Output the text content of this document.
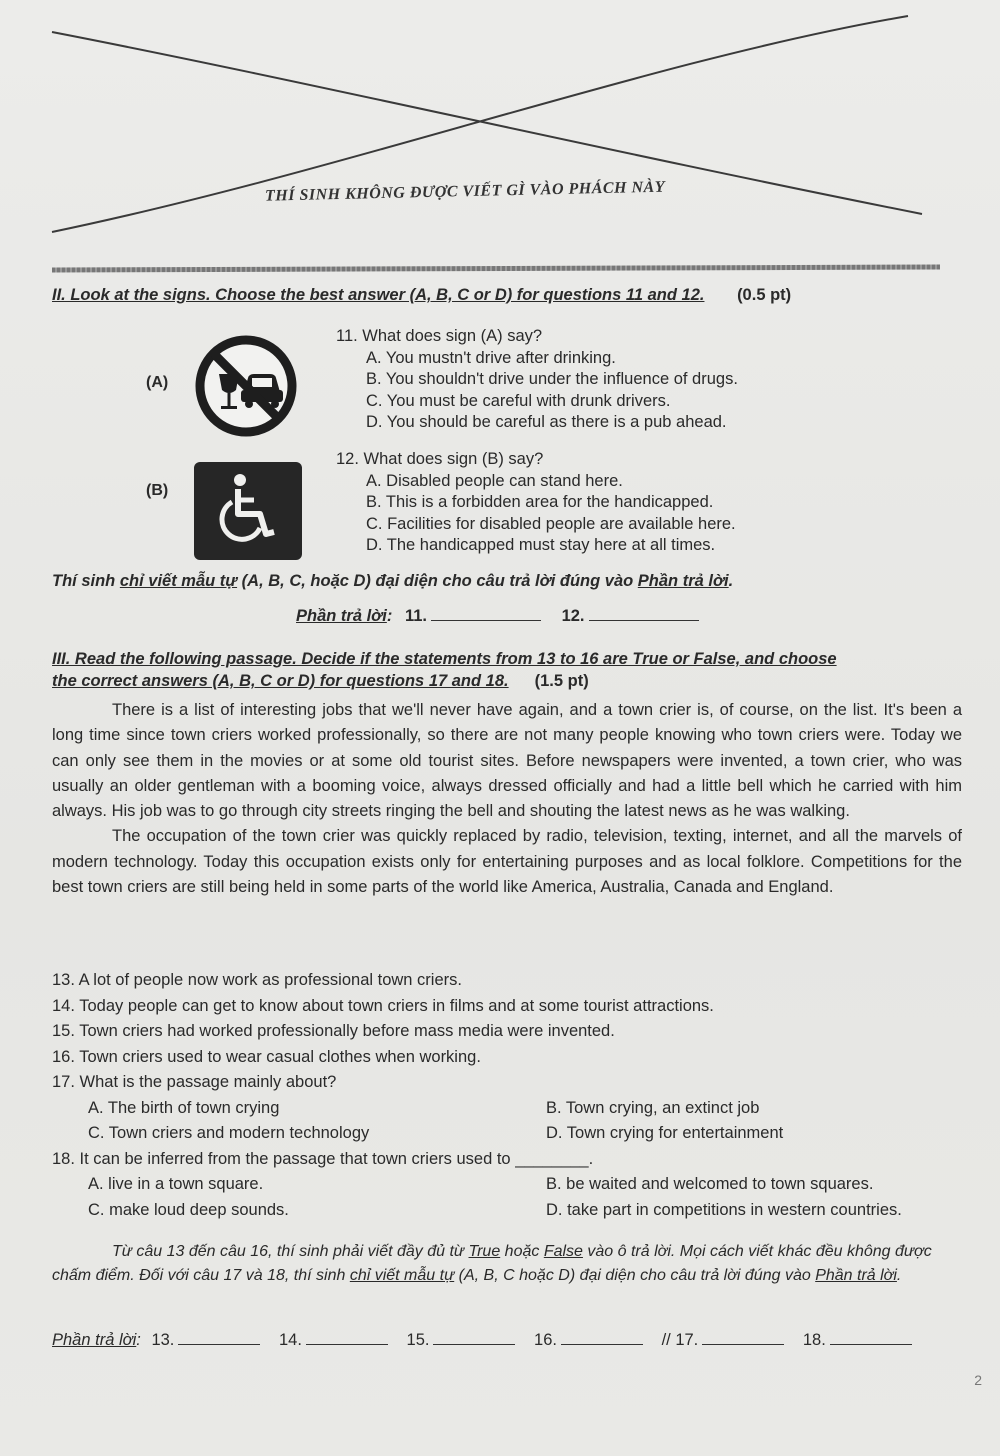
THÍ SINH KHÔNG ĐƯỢC VIẾT GÌ VÀO PHÁCH NÀY
II. Look at the signs. Choose the best answer (A, B, C or D) for questions 11 and 12. (0.5 pt)
(A)
11. What does sign (A) say?
A. You mustn't drive after drinking.
B. You shouldn't drive under the influence of drugs.
C. You must be careful with drunk drivers.
D. You should be careful as there is a pub ahead.
(B)
12. What does sign (B) say?
A. Disabled people can stand here.
B. This is a forbidden area for the handicapped.
C. Facilities for disabled people are available here.
D. The handicapped must stay here at all times.
Thí sinh chỉ viết mẫu tự (A, B, C, hoặc D) đại diện cho câu trả lời đúng vào Phần trả lời.
Phần trả lời: 11.	12.
III. Read the following passage. Decide if the statements from 13 to 16 are True or False, and choose
the correct answers (A, B, C or D) for questions 17 and 18. (1.5 pt)

There is a list of interesting jobs that we'll never have again, and a town crier is, of course, on the list. It's been a long time since town criers worked professionally, so there are not many people knowing who town criers were. Today we can only see them in the movies or at some old tourist sites. Before newspapers were invented, a town crier, who was usually an older gentleman with a booming voice, always dressed officially and had a little bell which he carried with him always. His job was to go through city streets ringing the bell and shouting the latest news as he was walking.

The occupation of the town crier was quickly replaced by radio, television, texting, internet, and all the marvels of modern technology. Today this occupation exists only for entertaining purposes and as local folklore. Competitions for the best town criers are still being held in some parts of the world like America, Australia, Canada and England.

13. A lot of people now work as professional town criers.
14. Today people can get to know about town criers in films and at some tourist attractions.
15. Town criers had worked professionally before mass media were invented.
16. Town criers used to wear casual clothes when working.
17. What is the passage mainly about?
A. The birth of town crying	B. Town crying, an extinct job
C. Town criers and modern technology	D. Town crying for entertainment
18. It can be inferred from the passage that town criers used to ________.
A. live in a town square.	B. be waited and welcomed to town squares.
C. make loud deep sounds.	D. take part in competitions in western countries.
Từ câu 13 đến câu 16, thí sinh phải viết đầy đủ từ True hoặc False vào ô trả lời. Mọi cách viết khác đều không được chấm điểm. Đối với câu 17 và 18, thí sinh chỉ viết mẫu tự (A, B, C hoặc D) đại diện cho câu trả lời đúng vào Phần trả lời.
Phần trả lời: 13.	14.	15.	16.	// 17.	18.
2
